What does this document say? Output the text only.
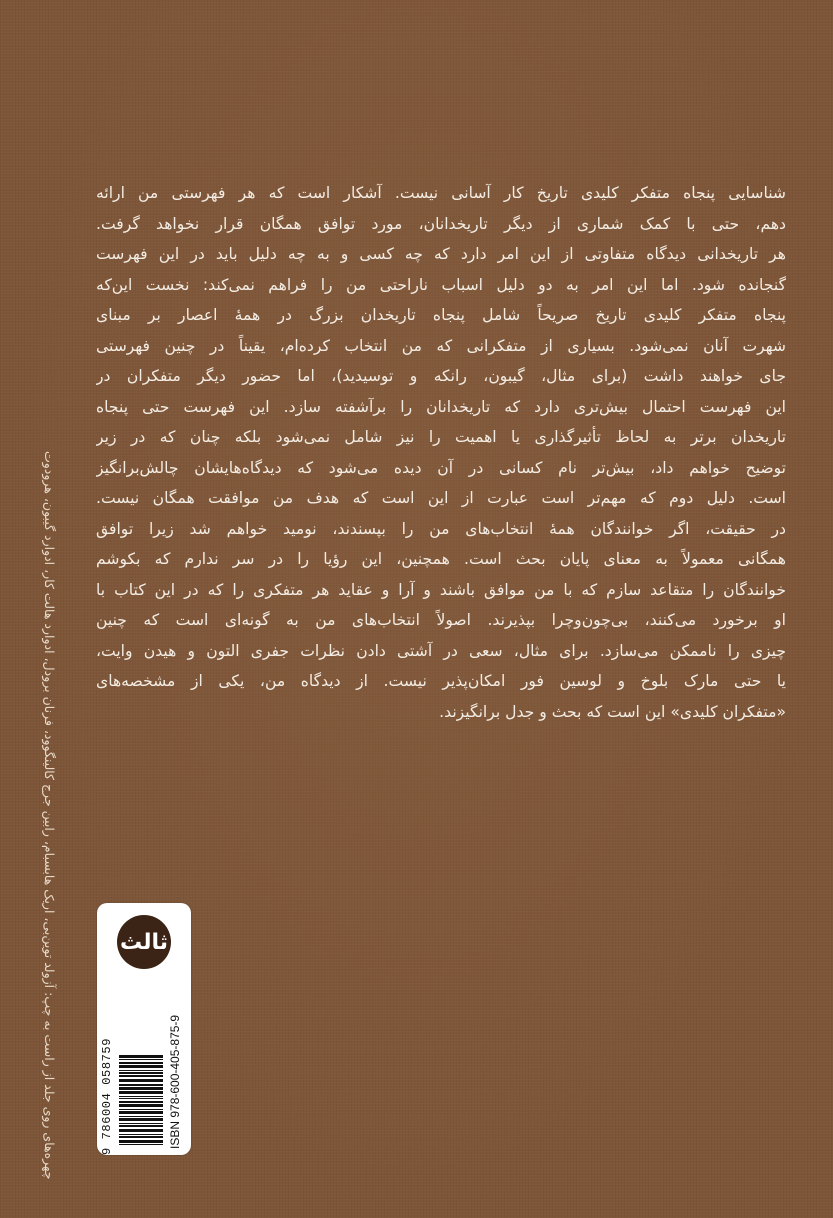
شناسایی پنجاه متفکر کلیدی تاریخ کار آسانی نیست. آشکار است که هر فهرستی من ارائه
دهم، حتی با کمک شماری از دیگر تاریخدانان، مورد توافق همگان قرار نخواهد گرفت.
هر تاریخدانی دیدگاه متفاوتی از این امر دارد که چه کسی و به چه دلیل باید در این فهرست
گنجانده شود. اما این امر به دو دلیل اسباب ناراحتی من را فراهم نمی‌کند: نخست این‌که
پنجاه متفکر کلیدی تاریخ صریحاً شامل پنجاه تاریخدان بزرگ در همهٔ اعصار بر مبنای
شهرت آنان نمی‌شود. بسیاری از متفکرانی که من انتخاب کرده‌ام، یقیناً در چنین فهرستی
جای خواهند داشت (برای مثال، گیبون، رانکه و توسیدید)، اما حضور دیگر متفکران در
این فهرست احتمال بیش‌تری دارد که تاریخدانان را برآشفته سازد. این فهرست حتی پنجاه
تاریخدان برتر به لحاظ تأثیرگذاری یا اهمیت را نیز شامل نمی‌شود بلکه چنان که در زیر
توضیح خواهم داد، بیش‌تر نام کسانی در آن دیده می‌شود که دیدگاه‌هایشان چالش‌برانگیز
است. دلیل دوم که مهم‌تر است عبارت از این است که هدف من موافقت همگان نیست.
در حقیقت، اگر خوانندگان همهٔ انتخاب‌های من را بپسندند، نومید خواهم شد زیرا توافق
همگانی معمولاً به معنای پایان بحث است. همچنین، این رؤیا را در سر ندارم که بکوشم
خوانندگان را متقاعد سازم که با من موافق باشند و آرا و عقاید هر متفکری را که در این کتاب با
او برخورد می‌کنند، بی‌چون‌وچرا بپذیرند. اصولاً انتخاب‌های من به گونه‌ای است که چنین
چیزی را ناممکن می‌سازد. برای مثال، سعی در آشتی دادن نظرات جفری التون و هیدن وایت،
یا حتی مارک بلوخ و لوسین فور امکان‌پذیر نیست. از دیدگاه من، یکی از مشخصه‌های
«متفکران کلیدی» این است که بحث و جدل برانگیزند.
چهره‌های روی جلد از راست به چپ: آزولد توین‌بی، اریک هابسبام، رابین جرج کالینگوود، فرنان برودل، ادوارد هالت کار، ادوارد گیبون، هرودوت	ثالث
9 786004 058759	ISBN 978-600-405-875-9
